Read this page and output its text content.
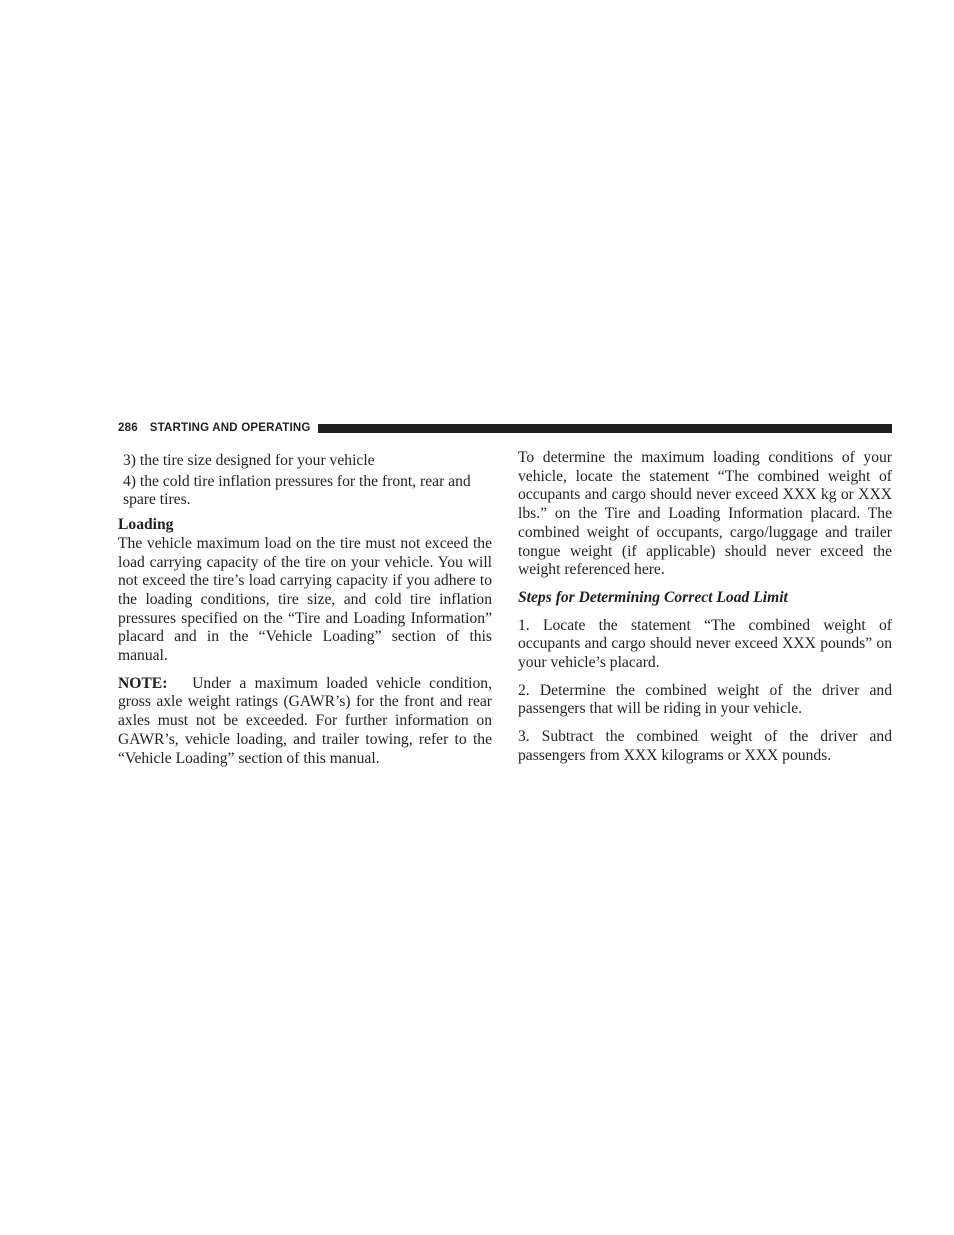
286 STARTING AND OPERATING

3) the tire size designed for your vehicle

4) the cold tire inflation pressures for the front, rear and spare tires.

Loading

The vehicle maximum load on the tire must not exceed the load carrying capacity of the tire on your vehicle. You will not exceed the tire’s load carrying capacity if you adhere to the loading conditions, tire size, and cold tire inflation pressures specified on the “Tire and Loading Information” placard and in the “Vehicle Loading” section of this manual.

NOTE: Under a maximum loaded vehicle condition, gross axle weight ratings (GAWR’s) for the front and rear axles must not be exceeded. For further information on GAWR’s, vehicle loading, and trailer towing, refer to the “Vehicle Loading” section of this manual.

To determine the maximum loading conditions of your vehicle, locate the statement “The combined weight of occupants and cargo should never exceed XXX kg or XXX lbs.” on the Tire and Loading Information placard. The combined weight of occupants, cargo/luggage and trailer tongue weight (if applicable) should never exceed the weight referenced here.

Steps for Determining Correct Load Limit

1. Locate the statement “The combined weight of occupants and cargo should never exceed XXX pounds” on your vehicle’s placard.

2. Determine the combined weight of the driver and passengers that will be riding in your vehicle.

3. Subtract the combined weight of the driver and passengers from XXX kilograms or XXX pounds.
